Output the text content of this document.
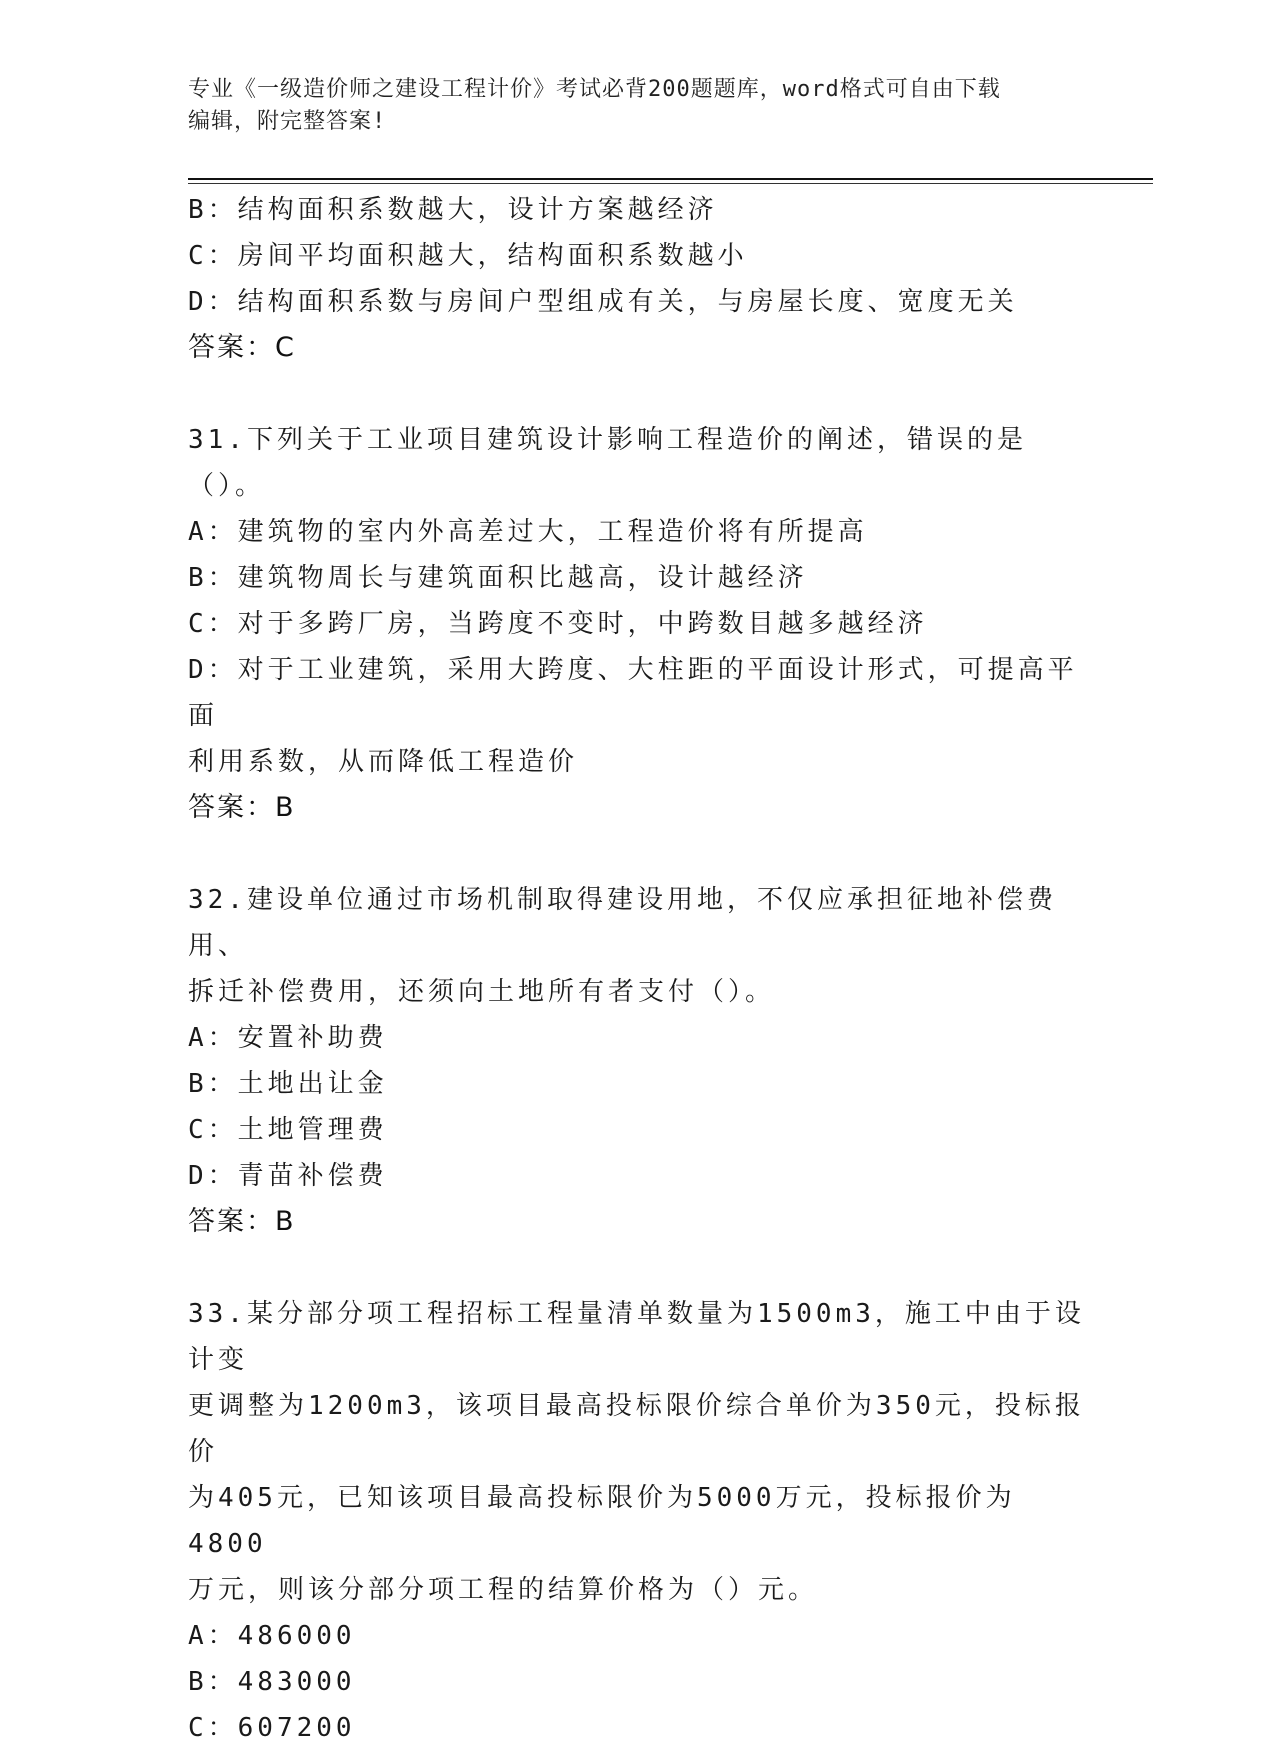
专业《一级造价师之建设工程计价》考试必背200题题库，word格式可自由下载
编辑，附完整答案!
B：结构面积系数越大，设计方案越经济
C：房间平均面积越大，结构面积系数越小
D：结构面积系数与房间户型组成有关，与房屋长度、宽度无关
答案：C
31.下列关于工业项目建筑设计影响工程造价的阐述，错误的是（）。
A：建筑物的室内外高差过大，工程造价将有所提高
B：建筑物周长与建筑面积比越高，设计越经济
C：对于多跨厂房，当跨度不变时，中跨数目越多越经济
D：对于工业建筑，采用大跨度、大柱距的平面设计形式，可提高平面
利用系数，从而降低工程造价
答案：B
32.建设单位通过市场机制取得建设用地，不仅应承担征地补偿费用、
拆迁补偿费用，还须向土地所有者支付（）。
A：安置补助费
B：土地出让金
C：土地管理费
D：青苗补偿费
答案：B
33.某分部分项工程招标工程量清单数量为1500m3，施工中由于设计变
更调整为1200m3，该项目最高投标限价综合单价为350元，投标报价
为405元，已知该项目最高投标限价为5000万元，投标报价为4800
万元，则该分部分项工程的结算价格为（）元。
A：486000
B：483000
C：607200
